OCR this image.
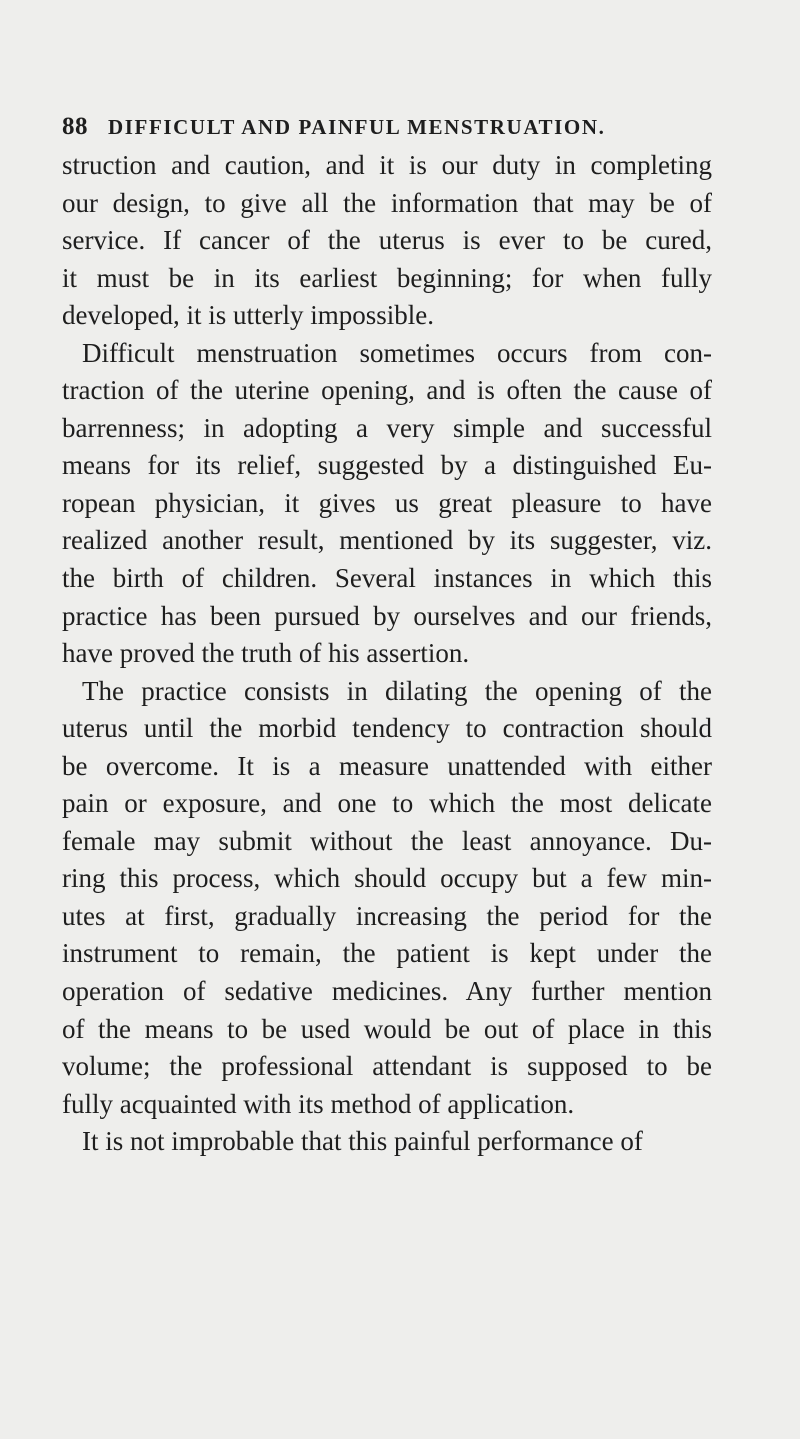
88 DIFFICULT AND PAINFUL MENSTRUATION.
struction and caution, and it is our duty in completing
our design, to give all the information that may be of
service. If cancer of the uterus is ever to be cured,
it must be in its earliest beginning; for when fully
developed, it is utterly impossible.
Difficult menstruation sometimes occurs from con-
traction of the uterine opening, and is often the cause of
barrenness; in adopting a very simple and successful
means for its relief, suggested by a distinguished Eu-
ropean physician, it gives us great pleasure to have
realized another result, mentioned by its suggester, viz.
the birth of children. Several instances in which this
practice has been pursued by ourselves and our friends,
have proved the truth of his assertion.
The practice consists in dilating the opening of the
uterus until the morbid tendency to contraction should
be overcome. It is a measure unattended with either
pain or exposure, and one to which the most delicate
female may submit without the least annoyance. Du-
ring this process, which should occupy but a few min-
utes at first, gradually increasing the period for the
instrument to remain, the patient is kept under the
operation of sedative medicines. Any further mention
of the means to be used would be out of place in this
volume; the professional attendant is supposed to be
fully acquainted with its method of application.
It is not improbable that this painful performance of
